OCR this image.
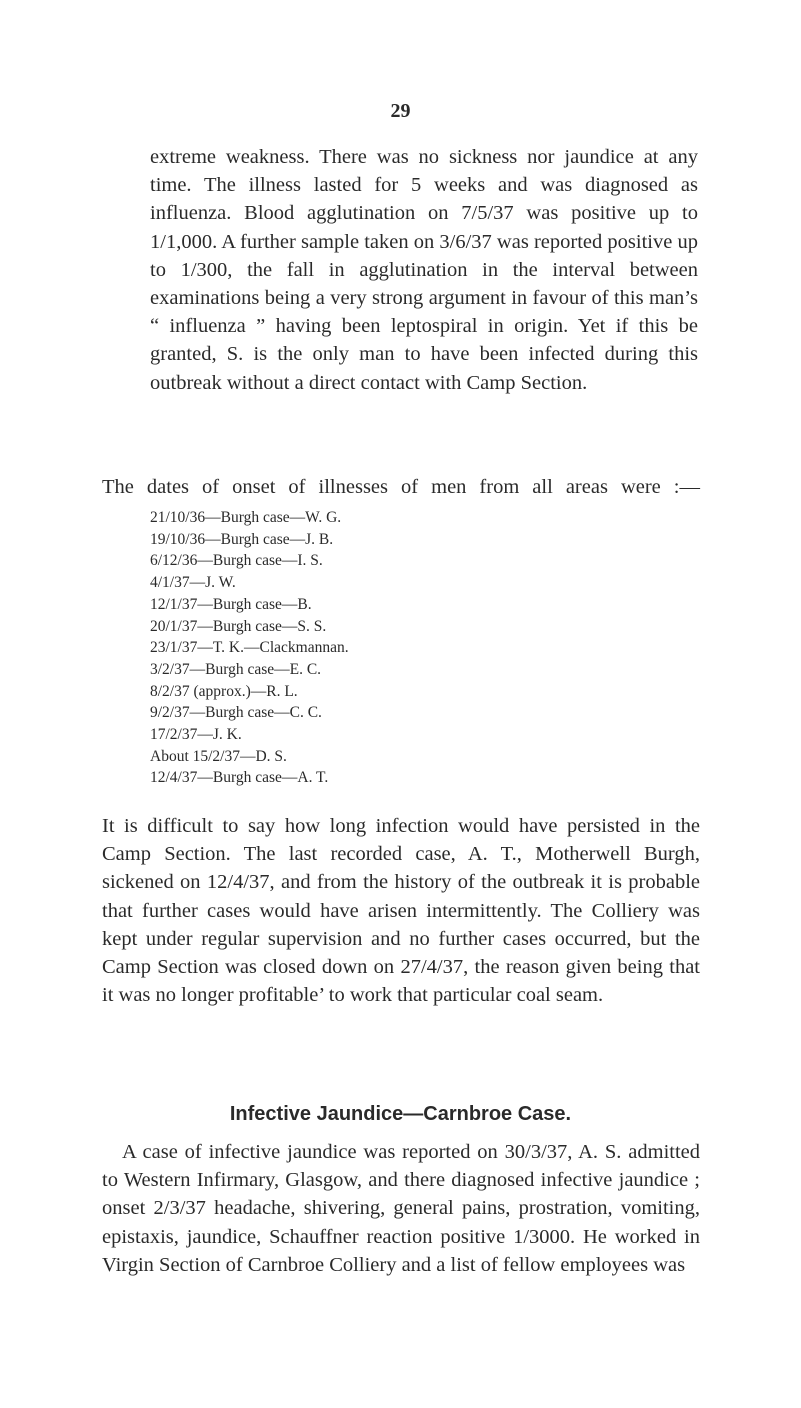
29

extreme weakness. There was no sickness nor jaundice at any time. The illness lasted for 5 weeks and was diagnosed as influenza. Blood agglutination on 7/5/37 was positive up to 1/1,000. A further sample taken on 3/6/37 was reported positive up to 1/300, the fall in agglutination in the interval between examinations being a very strong argument in favour of this man’s “ influenza ” having been leptospiral in origin. Yet if this be granted, S. is the only man to have been infected during this outbreak without a direct contact with Camp Section.

The dates of onset of illnesses of men from all areas were :—

21/10/36—Burgh case—W. G.
19/10/36—Burgh case—J. B.
6/12/36—Burgh case—I. S.
4/1/37—J. W.
12/1/37—Burgh case—B.
20/1/37—Burgh case—S. S.
23/1/37—T. K.—Clackmannan.
3/2/37—Burgh case—E. C.
8/2/37 (approx.)—R. L.
9/2/37—Burgh case—C. C.
17/2/37—J. K.
About 15/2/37—D. S.
12/4/37—Burgh case—A. T.

It is difficult to say how long infection would have persisted in the Camp Section. The last recorded case, A. T., Motherwell Burgh, sickened on 12/4/37, and from the history of the outbreak it is probable that further cases would have arisen intermittently. The Colliery was kept under regular supervision and no further cases occurred, but the Camp Section was closed down on 27/4/37, the reason given being that it was no longer profitable’ to work that particular coal seam.

Infective Jaundice—Carnbroe Case.

A case of infective jaundice was reported on 30/3/37, A. S. admitted to Western Infirmary, Glasgow, and there diagnosed infective jaundice ; onset 2/3/37 headache, shivering, general pains, prostration, vomiting, epistaxis, jaundice, Schauffner reaction positive 1/3000. He worked in Virgin Section of Carnbroe Colliery and a list of fellow employees was
